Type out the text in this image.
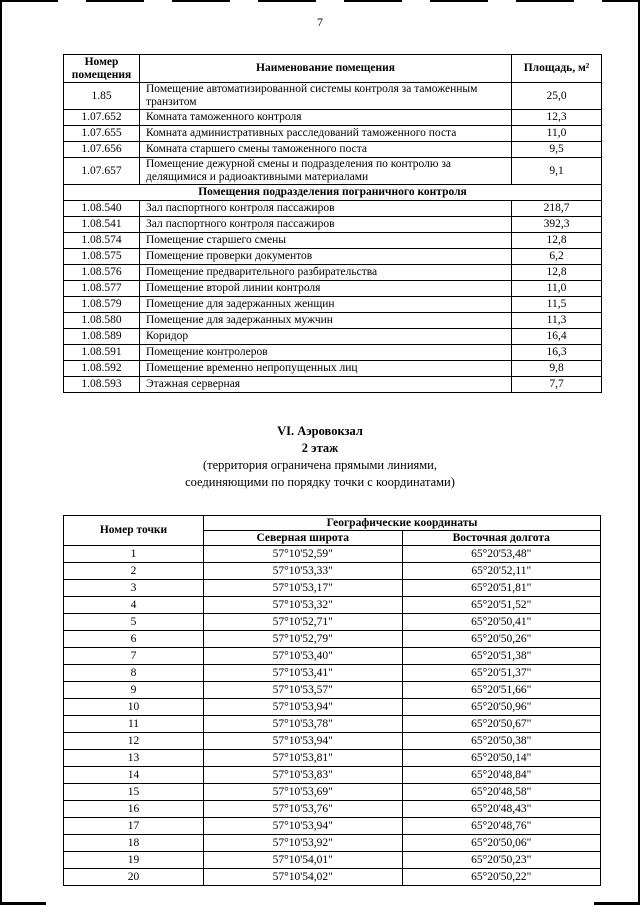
7
Номер помещения	Наименование помещения	Площадь, м²
1.85	Помещение автоматизированной системы контроля за таможенным транзитом	25,0
1.07.652	Комната таможенного контроля	12,3
1.07.655	Комната административных расследований таможенного поста	11,0
1.07.656	Комната старшего смены таможенного поста	9,5
1.07.657	Помещение дежурной смены и подразделения по контролю за делящимися и радиоактивными материалами	9,1
Помещения подразделения пограничного контроля		
1.08.540	Зал паспортного контроля пассажиров	218,7
1.08.541	Зал паспортного контроля пассажиров	392,3
1.08.574	Помещение старшего смены	12,8
1.08.575	Помещение проверки документов	6,2
1.08.576	Помещение предварительного разбирательства	12,8
1.08.577	Помещение второй линии контроля	11,0
1.08.579	Помещение для задержанных женщин	11,5
1.08.580	Помещение для задержанных мужчин	11,3
1.08.589	Коридор	16,4
1.08.591	Помещение контролеров	16,3
1.08.592	Помещение временно непропущенных лиц	9,8
1.08.593	Этажная серверная	7,7
VI. Аэровокзал
2 этаж
(территория ограничена прямыми линиями,
соединяющими по порядку точки с координатами)
Номер точки	Географические координаты	
	Северная широта	Восточная долгота
1	57°10'52,59"	65°20'53,48"
2	57°10'53,33"	65°20'52,11"
3	57°10'53,17"	65°20'51,81"
4	57°10'53,32"	65°20'51,52"
5	57°10'52,71"	65°20'50,41"
6	57°10'52,79"	65°20'50,26"
7	57°10'53,40"	65°20'51,38"
8	57°10'53,41"	65°20'51,37"
9	57°10'53,57"	65°20'51,66"
10	57°10'53,94"	65°20'50,96"
11	57°10'53,78"	65°20'50,67"
12	57°10'53,94"	65°20'50,38"
13	57°10'53,81"	65°20'50,14"
14	57°10'53,83"	65°20'48,84"
15	57°10'53,69"	65°20'48,58"
16	57°10'53,76"	65°20'48,43"
17	57°10'53,94"	65°20'48,76"
18	57°10'53,92"	65°20'50,06"
19	57°10'54,01"	65°20'50,23"
20	57°10'54,02"	65°20'50,22"
